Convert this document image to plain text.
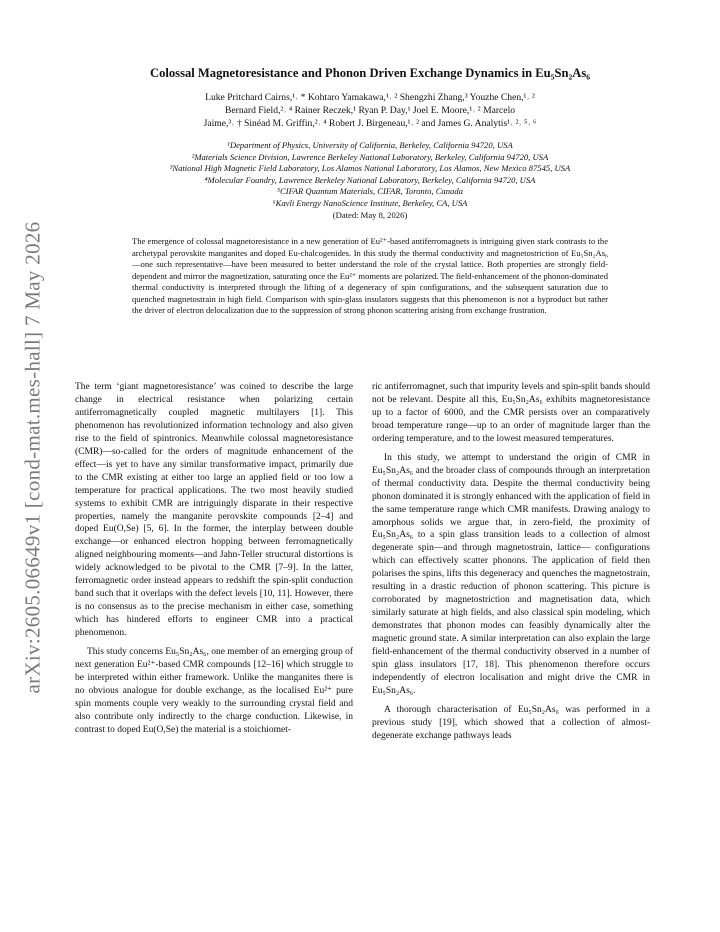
arXiv:2605.06649v1 [cond-mat.mes-hall] 7 May 2026
Colossal Magnetoresistance and Phonon Driven Exchange Dynamics in Eu₅Sn₂As₆
Luke Pritchard Cairns,¹˒ * Kohtaro Yamakawa,¹˒ ² Shengzhi Zhang,³ Youzhe Chen,¹˒ ²
Bernard Field,²˒ ⁴ Rainer Reczek,¹ Ryan P. Day,¹ Joel E. Moore,¹˒ ² Marcelo
Jaime,³˒ † Sinéad M. Griffin,²˒ ⁴ Robert J. Birgeneau,¹˒ ² and James G. Analytis¹˒ ²˒ ⁵˒ ⁶
¹Department of Physics, University of California, Berkeley, California 94720, USA
²Materials Science Division, Lawrence Berkeley National Laboratory, Berkeley, California 94720, USA
³National High Magnetic Field Laboratory, Los Alamos National Laboratory, Los Alamos, New Mexico 87545, USA
⁴Molecular Foundry, Lawrence Berkeley National Laboratory, Berkeley, California 94720, USA
⁵CIFAR Quantum Materials, CIFAR, Toronto, Canada
⁶Kavli Energy NanoScience Institute, Berkeley, CA, USA
(Dated: May 8, 2026)
The emergence of colossal magnetoresistance in a new generation of Eu²⁺-based antiferromagnets is intriguing given stark contrasts to the archetypal perovskite manganites and doped Eu-chalcogenides. In this study the thermal conductivity and magnetostriction of Eu₅Sn₂As₆—one such representative—have been measured to better understand the role of the crystal lattice. Both properties are strongly field-dependent and mirror the magnetization, saturating once the Eu²⁺ moments are polarized. The field-enhancement of the phonon-dominated thermal conductivity is interpreted through the lifting of a degeneracy of spin configurations, and the subsequent saturation due to quenched magnetostrain in high field. Comparison with spin-glass insulators suggests that this phenomenon is not a byproduct but rather the driver of electron delocalization due to the suppression of strong phonon scattering arising from exchange frustration.

The term ‘giant magnetoresistance’ was coined to describe the large change in electrical resistance when polarizing certain antiferromagnetically coupled magnetic multilayers [1]. This phenomenon has revolutionized information technology and also given rise to the field of spintronics. Meanwhile colossal magnetoresistance (CMR)—so-called for the orders of magnitude enhancement of the effect—is yet to have any similar transformative impact, primarily due to the CMR existing at either too large an applied field or too low a temperature for practical applications. The two most heavily studied systems to exhibit CMR are intriguingly disparate in their respective properties, namely the manganite perovskite compounds [2–4] and doped Eu(O,Se) [5, 6]. In the former, the interplay between double exchange—or enhanced electron hopping between ferromagnetically aligned neighbouring moments—and Jahn-Teller structural distortions is widely acknowledged to be pivotal to the CMR [7–9]. In the latter, ferromagnetic order instead appears to redshift the spin-split conduction band such that it overlaps with the defect levels [10, 11]. However, there is no consensus as to the precise mechanism in either case, something which has hindered efforts to engineer CMR into a practical phenomenon.

This study concerns Eu₅Sn₂As₆, one member of an emerging group of next generation Eu²⁺-based CMR compounds [12–16] which struggle to be interpreted within either framework. Unlike the manganites there is no obvious analogue for double exchange, as the localised Eu²⁺ pure spin moments couple very weakly to the surrounding crystal field and also contribute only indirectly to the charge conduction. Likewise, in contrast to doped Eu(O,Se) the material is a stoichiomet-

ric antiferromagnet, such that impurity levels and spin-split bands should not be relevant. Despite all this, Eu₅Sn₂As₆ exhibits magnetoresistance up to a factor of 6000, and the CMR persists over an comparatively broad temperature range—up to an order of magnitude larger than the ordering temperature, and to the lowest measured temperatures.

In this study, we attempt to understand the origin of CMR in Eu₅Sn₂As₆ and the broader class of compounds through an interpretation of thermal conductivity data. Despite the thermal conductivity being phonon dominated it is strongly enhanced with the application of field in the same temperature range which CMR manifests. Drawing analogy to amorphous solids we argue that, in zero-field, the proximity of Eu₅Sn₂As₆ to a spin glass transition leads to a collection of almost degenerate spin—and through magnetostrain, lattice— configurations which can effectively scatter phonons. The application of field then polarises the spins, lifts this degeneracy and quenches the magnetostrain, resulting in a drastic reduction of phonon scattering. This picture is corroborated by magnetostriction and magnetisation data, which similarly saturate at high fields, and also classical spin modeling, which demonstrates that phonon modes can feasibly dynamically alter the magnetic ground state. A similar interpretation can also explain the large field-enhancement of the thermal conductivity observed in a number of spin glass insulators [17, 18]. This phenomenon therefore occurs independently of electron localisation and might drive the CMR in Eu₅Sn₂As₆.

A thorough characterisation of Eu₅Sn₂As₆ was performed in a previous study [19], which showed that a collection of almost-degenerate exchange pathways leads
